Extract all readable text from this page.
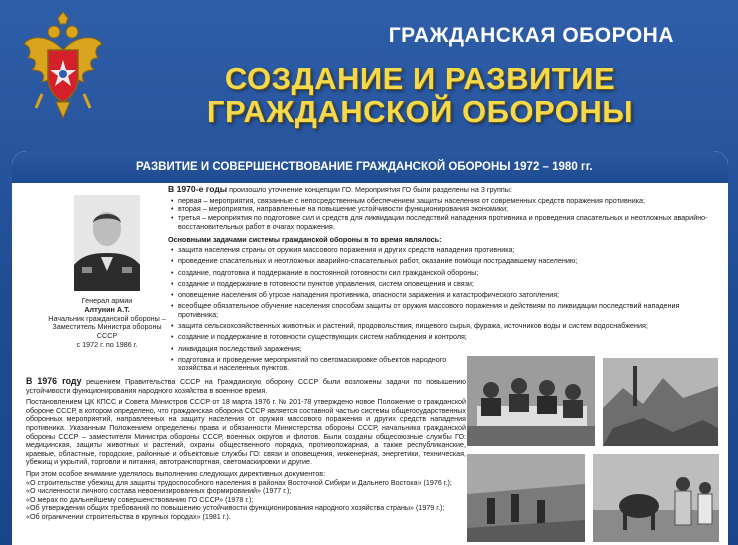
ГРАЖДАНСКАЯ ОБОРОНА
СОЗДАНИЕ И РАЗВИТИЕ
ГРАЖДАНСКОЙ ОБОРОНЫ
РАЗВИТИЕ И СОВЕРШЕНСТВОВАНИЕ ГРАЖДАНСКОЙ ОБОРОНЫ 1972 – 1980 гг.
Генерал армии
Алтунин А.Т.
Начальник гражданской обороны –
Заместитель Министра обороны СССР
с 1972 г. по 1986 г.

В 1970-е годы произошло уточнение концепции ГО. Мероприятия ГО были разделены на 3 группы:

• первая – мероприятия, связанные с непосредственным обеспечением защиты населения от современных средств поражения противника;
• вторая – мероприятия, направленные на повышение устойчивости функционирования экономики;
• третья – мероприятия по подготовке сил и средств для ликвидации последствий нападения противника и проведения спасательных и неотложных аварийно-восстановительных работ в очагах поражения.

Основными задачами системы гражданской обороны в то время являлось:

• защита населения страны от оружия массового поражения и других средств нападения противника;
• проведение спасательных и неотложных аварийно-спасательных работ, оказание помощи пострадавшему населению;
• создание, подготовка и поддержание в постоянной готовности сил гражданской обороны;
• создание и поддержание в готовности пунктов управления, систем оповещения и связи;
• оповещение населения об угрозе нападения противника, опасности заражения и катастрофического затопления;
• всеобщее обязательное обучение населения способам защиты от оружия массового поражения и действиям по ликвидации последствий нападения противника;
• защита сельскохозяйственных животных и растений, продовольствия, пищевого сырья, фуража, источников воды и систем водоснабжения;
• создание и поддержание в готовности существующих систем наблюдения и контроля;
• ликвидация последствий заражения;
• подготовка и проведение мероприятий по светомаскировке объектов народного хозяйства и населенных пунктов.

В 1976 году решением Правительства СССР на Гражданскую оборону СССР были возложены задачи по повышению устойчивости функционирования народного хозяйства в военное время.

Постановлением ЦК КПСС и Совета Министров СССР от 18 марта 1976 г. № 201-78 утверждено новое Положение о гражданской обороне СССР, в котором определено, что гражданская оборона СССР является составной частью системы общегосударственных оборонных мероприятий, направленных на защиту населения от оружия массового поражения и других средств нападения противника. Указанным Положением определены права и обязанности Министерства обороны СССР, начальника гражданской обороны СССР – заместителя Министра обороны СССР, военных округов и флотов. Были созданы общесоюзные службы ГО: медицинская, защиты животных и растений, охраны общественного порядка, противопожарная, а также республиканские, краевые, областные, городские, районные и объектовые службы ГО: связи и оповещения, инженерная, энергетики, техническая, убежищ и укрытий, торговли и питания, автотранспортная, светомаскировки и другие.

При этом особое внимание уделялось выполнению следующих директивных документов:

«О строительстве убежищ для защиты трудоспособного населения в районах Восточной Сибири и Дальнего Востока» (1976 г.);
«О численности личного состава невоенизированных формирований» (1977 г.);
«О мерах по дальнейшему совершенствованию ГО СССР» (1978 г.);
«Об утверждении общих требований по повышению устойчивости функционирования народного хозяйства страны» (1979 г.);
«Об ограничении строительства в крупных городах» (1981 г.).
